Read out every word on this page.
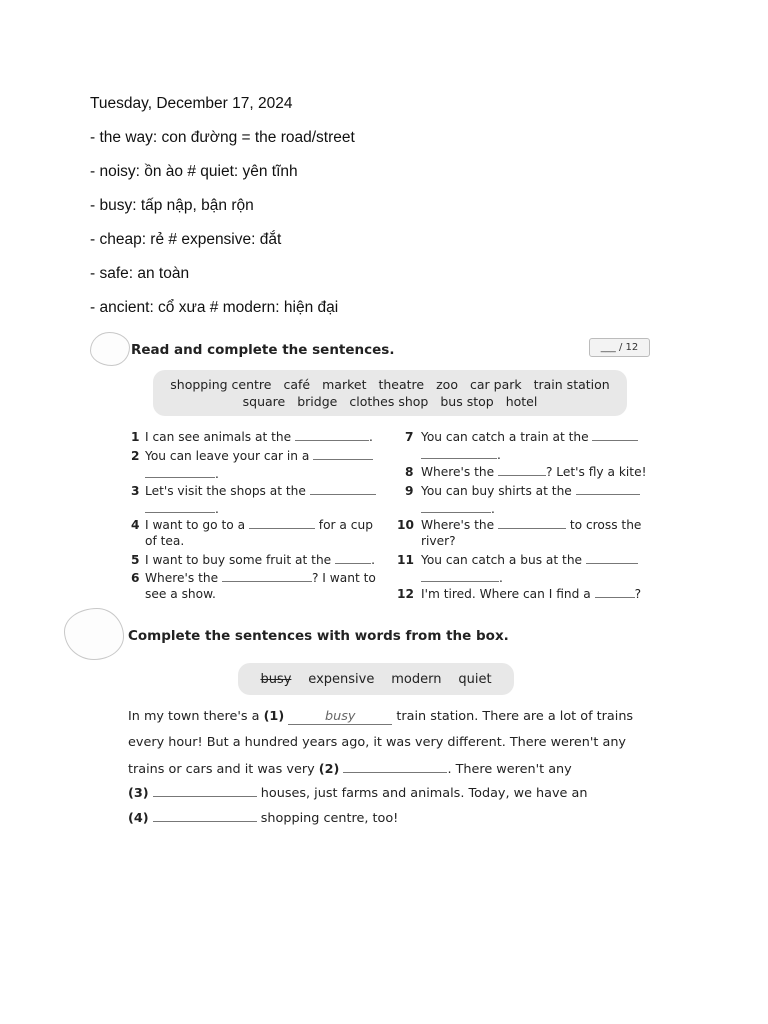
Tuesday, December 17, 2024
- the way: con đường = the road/street
- noisy: ồn ào # quiet: yên tĩnh
- busy: tấp nập, bận rộn
- cheap: rẻ # expensive: đắt
- safe: an toàn
- ancient: cổ xưa # modern: hiện đại
Read and complete the sentences.	___ / 12
shopping centre café market theatre zoo car park train station
square bridge clothes shop bus stop hotel
1 I can see animals at the	.
2 You can leave your car in a
.
3 Let's visit the shops at the
.
4 I want to go to a	for a cup
of tea.
5 I want to buy some fruit at the	.
6 Where's the	? I want to
see a show.
7 You can catch a train at the
.
8 Where's the	? Let's fly a kite!
9 You can buy shirts at the
.
10 Where's the	to cross the
river?
11 You can catch a bus at the
.
12 I'm tired. Where can I find a	?
Complete the sentences with words from the box.
busy expensive modern quiet
In my town there's a (1)	busy	train station. There are a lot of trains
every hour! But a hundred years ago, it was very different. There weren't any
trains or cars and it was very (2)	. There weren't any
(3)	houses, just farms and animals. Today, we have an
(4)	shopping centre, too!
